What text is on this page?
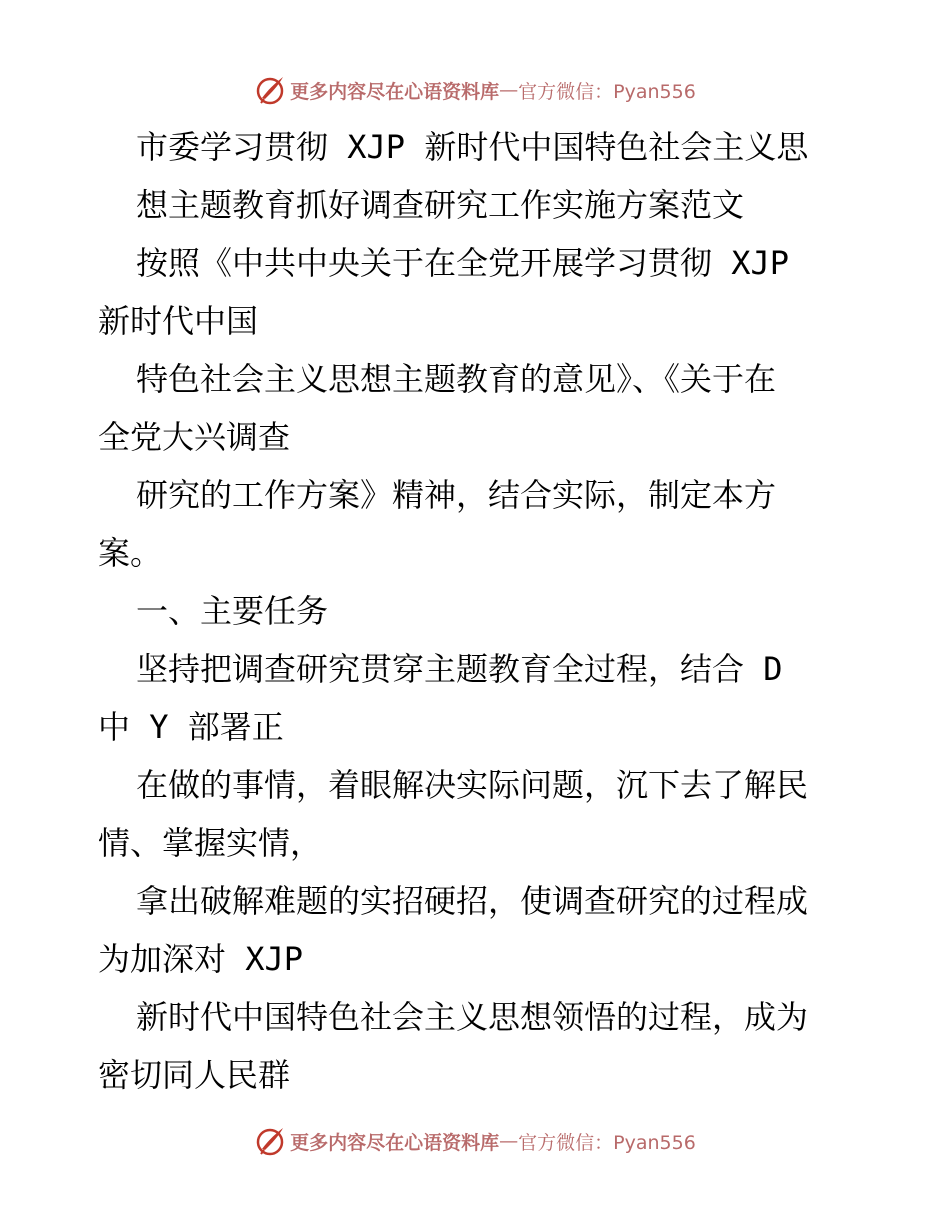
更多内容尽在心语资料库 — 官方微信：Pyan556
市委学习贯彻 XJP 新时代中国特色社会主义思
想主题教育抓好调查研究工作实施方案范文
按照《中共中央关于在全党开展学习贯彻 XJP
新时代中国
特色社会主义思想主题教育的意见》、《关于在
全党大兴调查
研究的工作方案》精神，结合实际，制定本方
案。
一、主要任务
坚持把调查研究贯穿主题教育全过程，结合 D
中 Y 部署正
在做的事情，着眼解决实际问题，沉下去了解民
情、掌握实情，
拿出破解难题的实招硬招，使调查研究的过程成
为加深对 XJP
新时代中国特色社会主义思想领悟的过程，成为
密切同人民群
更多内容尽在心语资料库 — 官方微信：Pyan556
